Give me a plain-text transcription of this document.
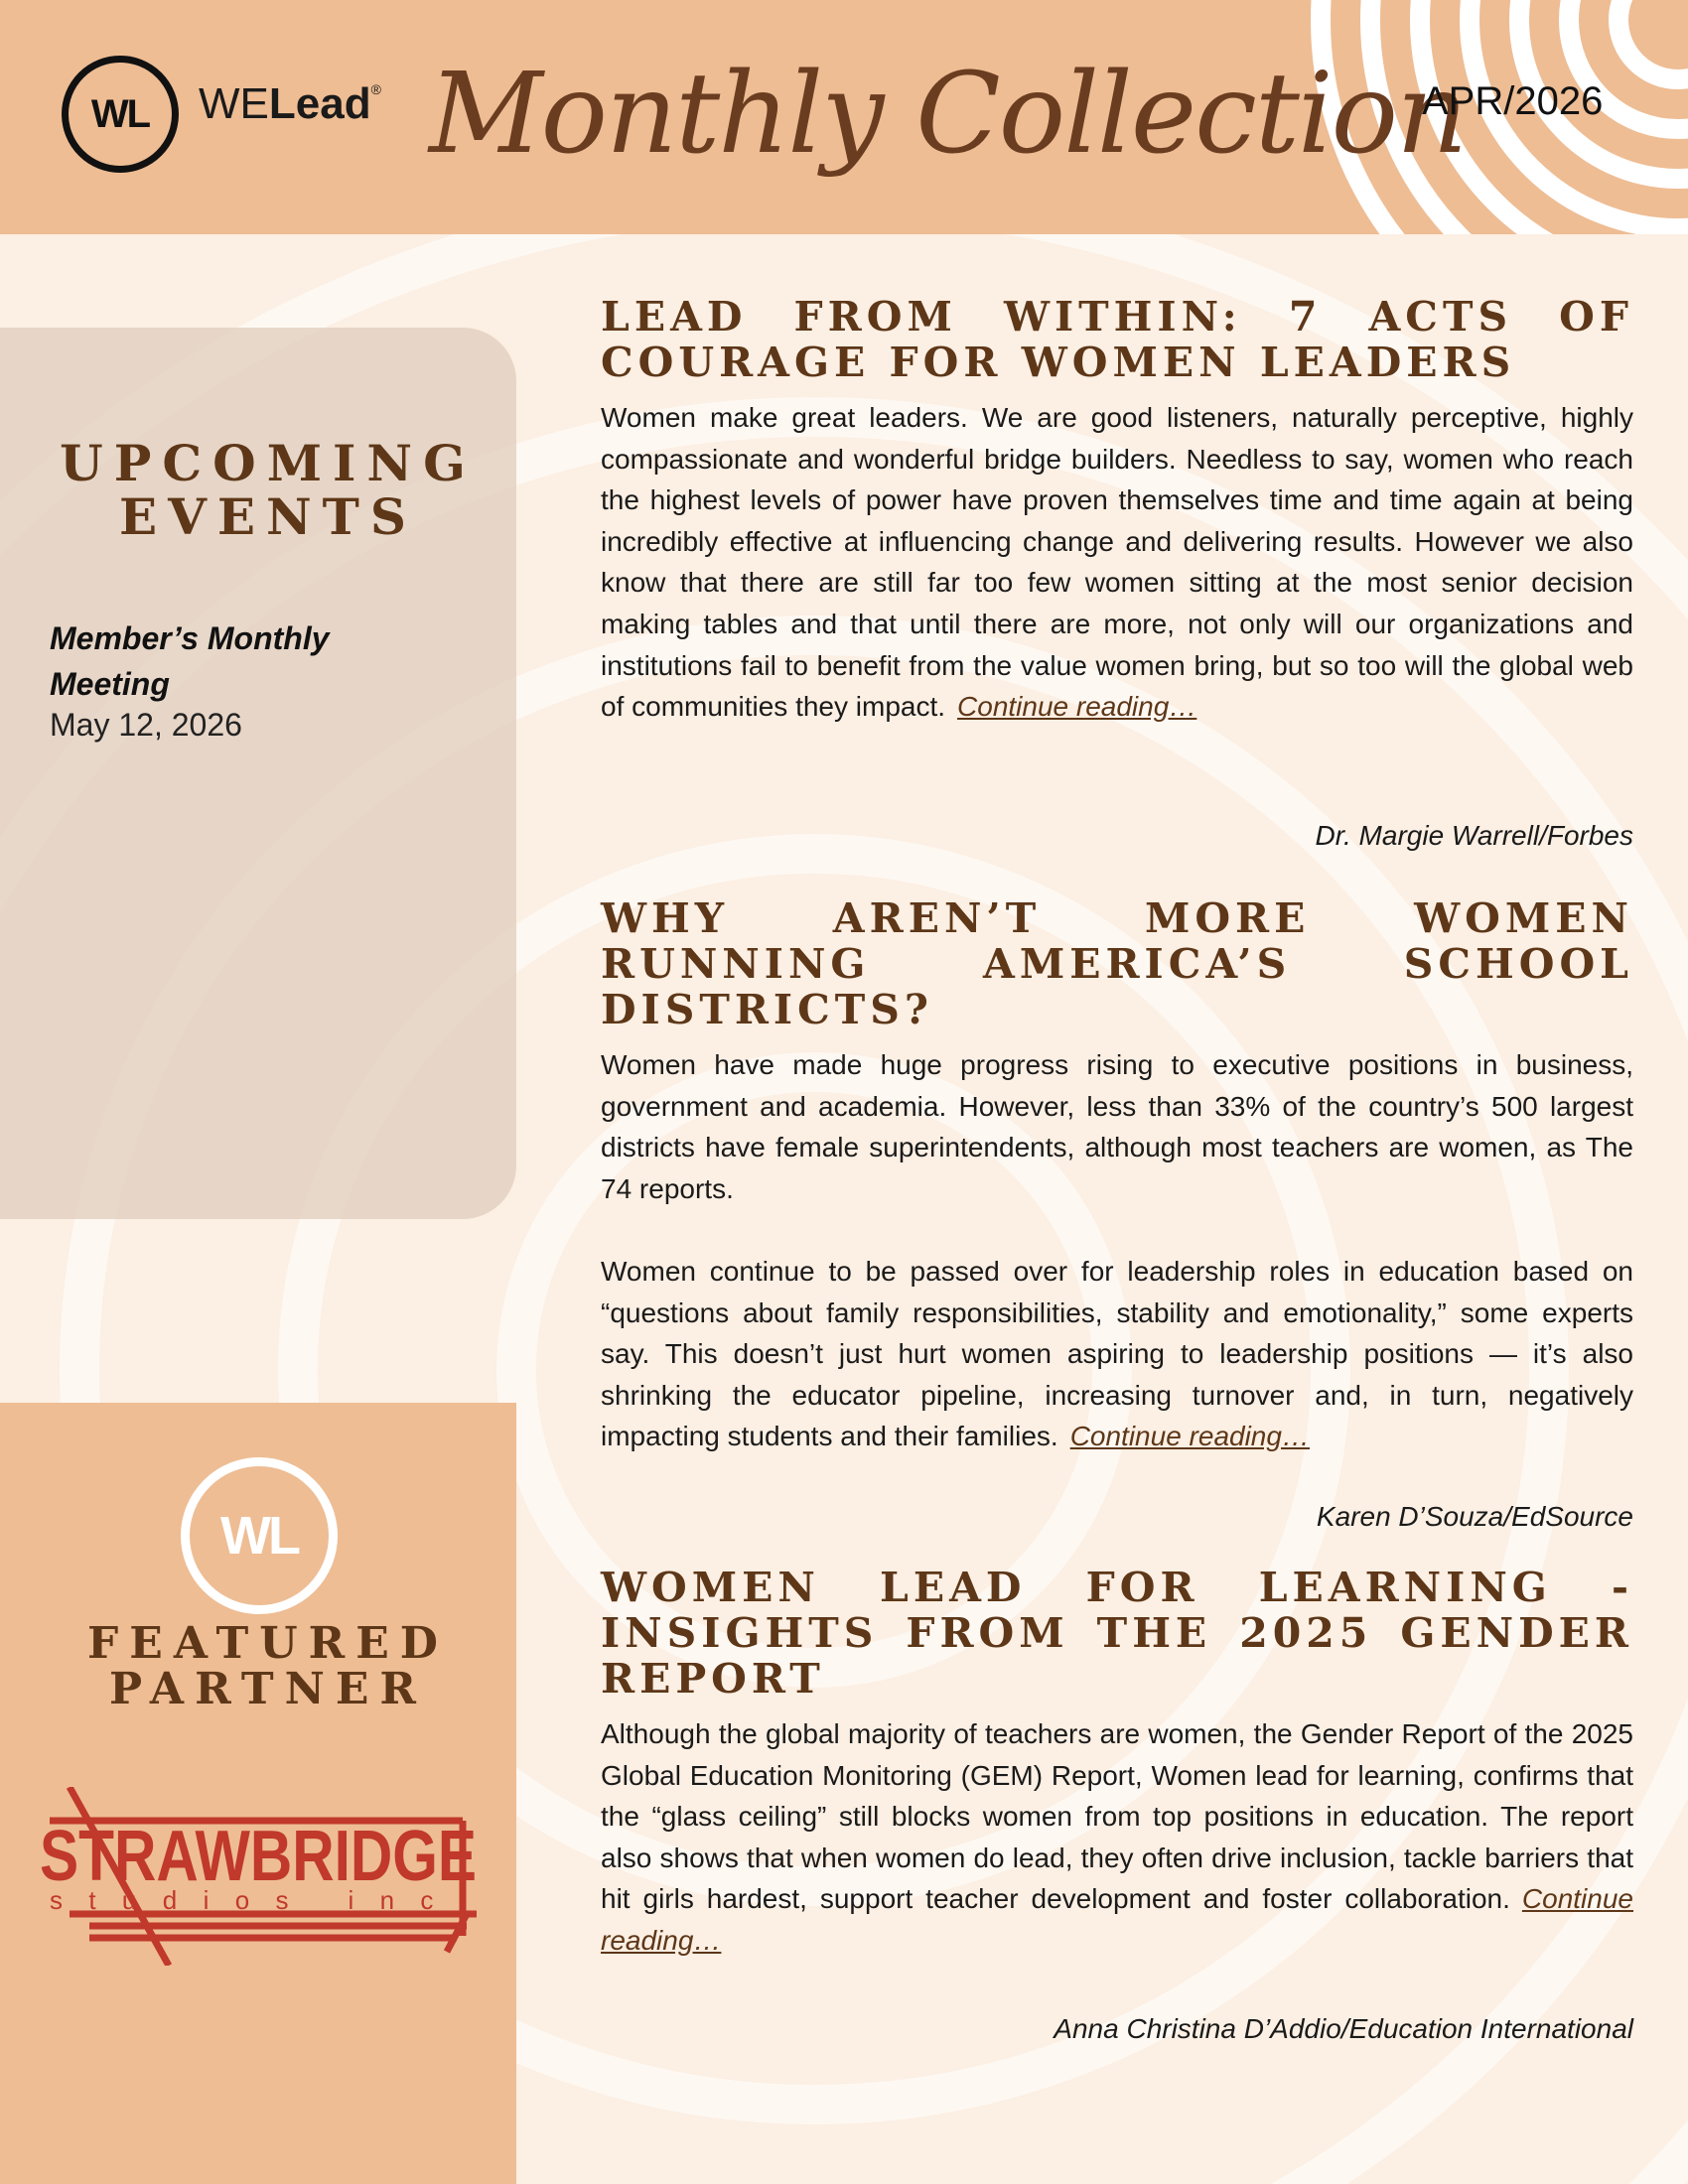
WL WELead® Monthly Collection
APR/2026
UPCOMING
EVENTS
Member’s Monthly Meeting
May 12, 2026
WL
FEATURED
PARTNER
STRAWBRIDGE
studios inc.
LEAD FROM WITHIN: 7 ACTS OF COURAGE FOR WOMEN LEADERS

Women make great leaders. We are good listeners, naturally perceptive, highly compassionate and wonderful bridge builders. Needless to say, women who reach the highest levels of power have proven themselves time and time again at being incredibly effective at influencing change and delivering results. However we also know that there are still far too few women sitting at the most senior decision making tables and that until there are more, not only will our organizations and institutions fail to benefit from the value women bring, but so too will the global web of communities they impact. Continue reading…

Dr. Margie Warrell/Forbes
WHY AREN’T MORE WOMEN RUNNING AMERICA’S SCHOOL DISTRICTS?

Women have made huge progress rising to executive positions in business, government and academia. However, less than 33% of the country’s 500 largest districts have female superintendents, although most teachers are women, as The 74 reports.

Women continue to be passed over for leadership roles in education based on “questions about family responsibilities, stability and emotionality,” some experts say. This doesn’t just hurt women aspiring to leadership positions — it’s also shrinking the educator pipeline, increasing turnover and, in turn, negatively impacting students and their families. Continue reading…

Karen D’Souza/EdSource
WOMEN LEAD FOR LEARNING - INSIGHTS FROM THE 2025 GENDER REPORT

Although the global majority of teachers are women, the Gender Report of the 2025 Global Education Monitoring (GEM) Report, Women lead for learning, confirms that the “glass ceiling” still blocks women from top positions in education. The report also shows that when women do lead, they often drive inclusion, tackle barriers that hit girls hardest, support teacher development and foster collaboration. Continue reading…

Anna Christina D’Addio/Education International
